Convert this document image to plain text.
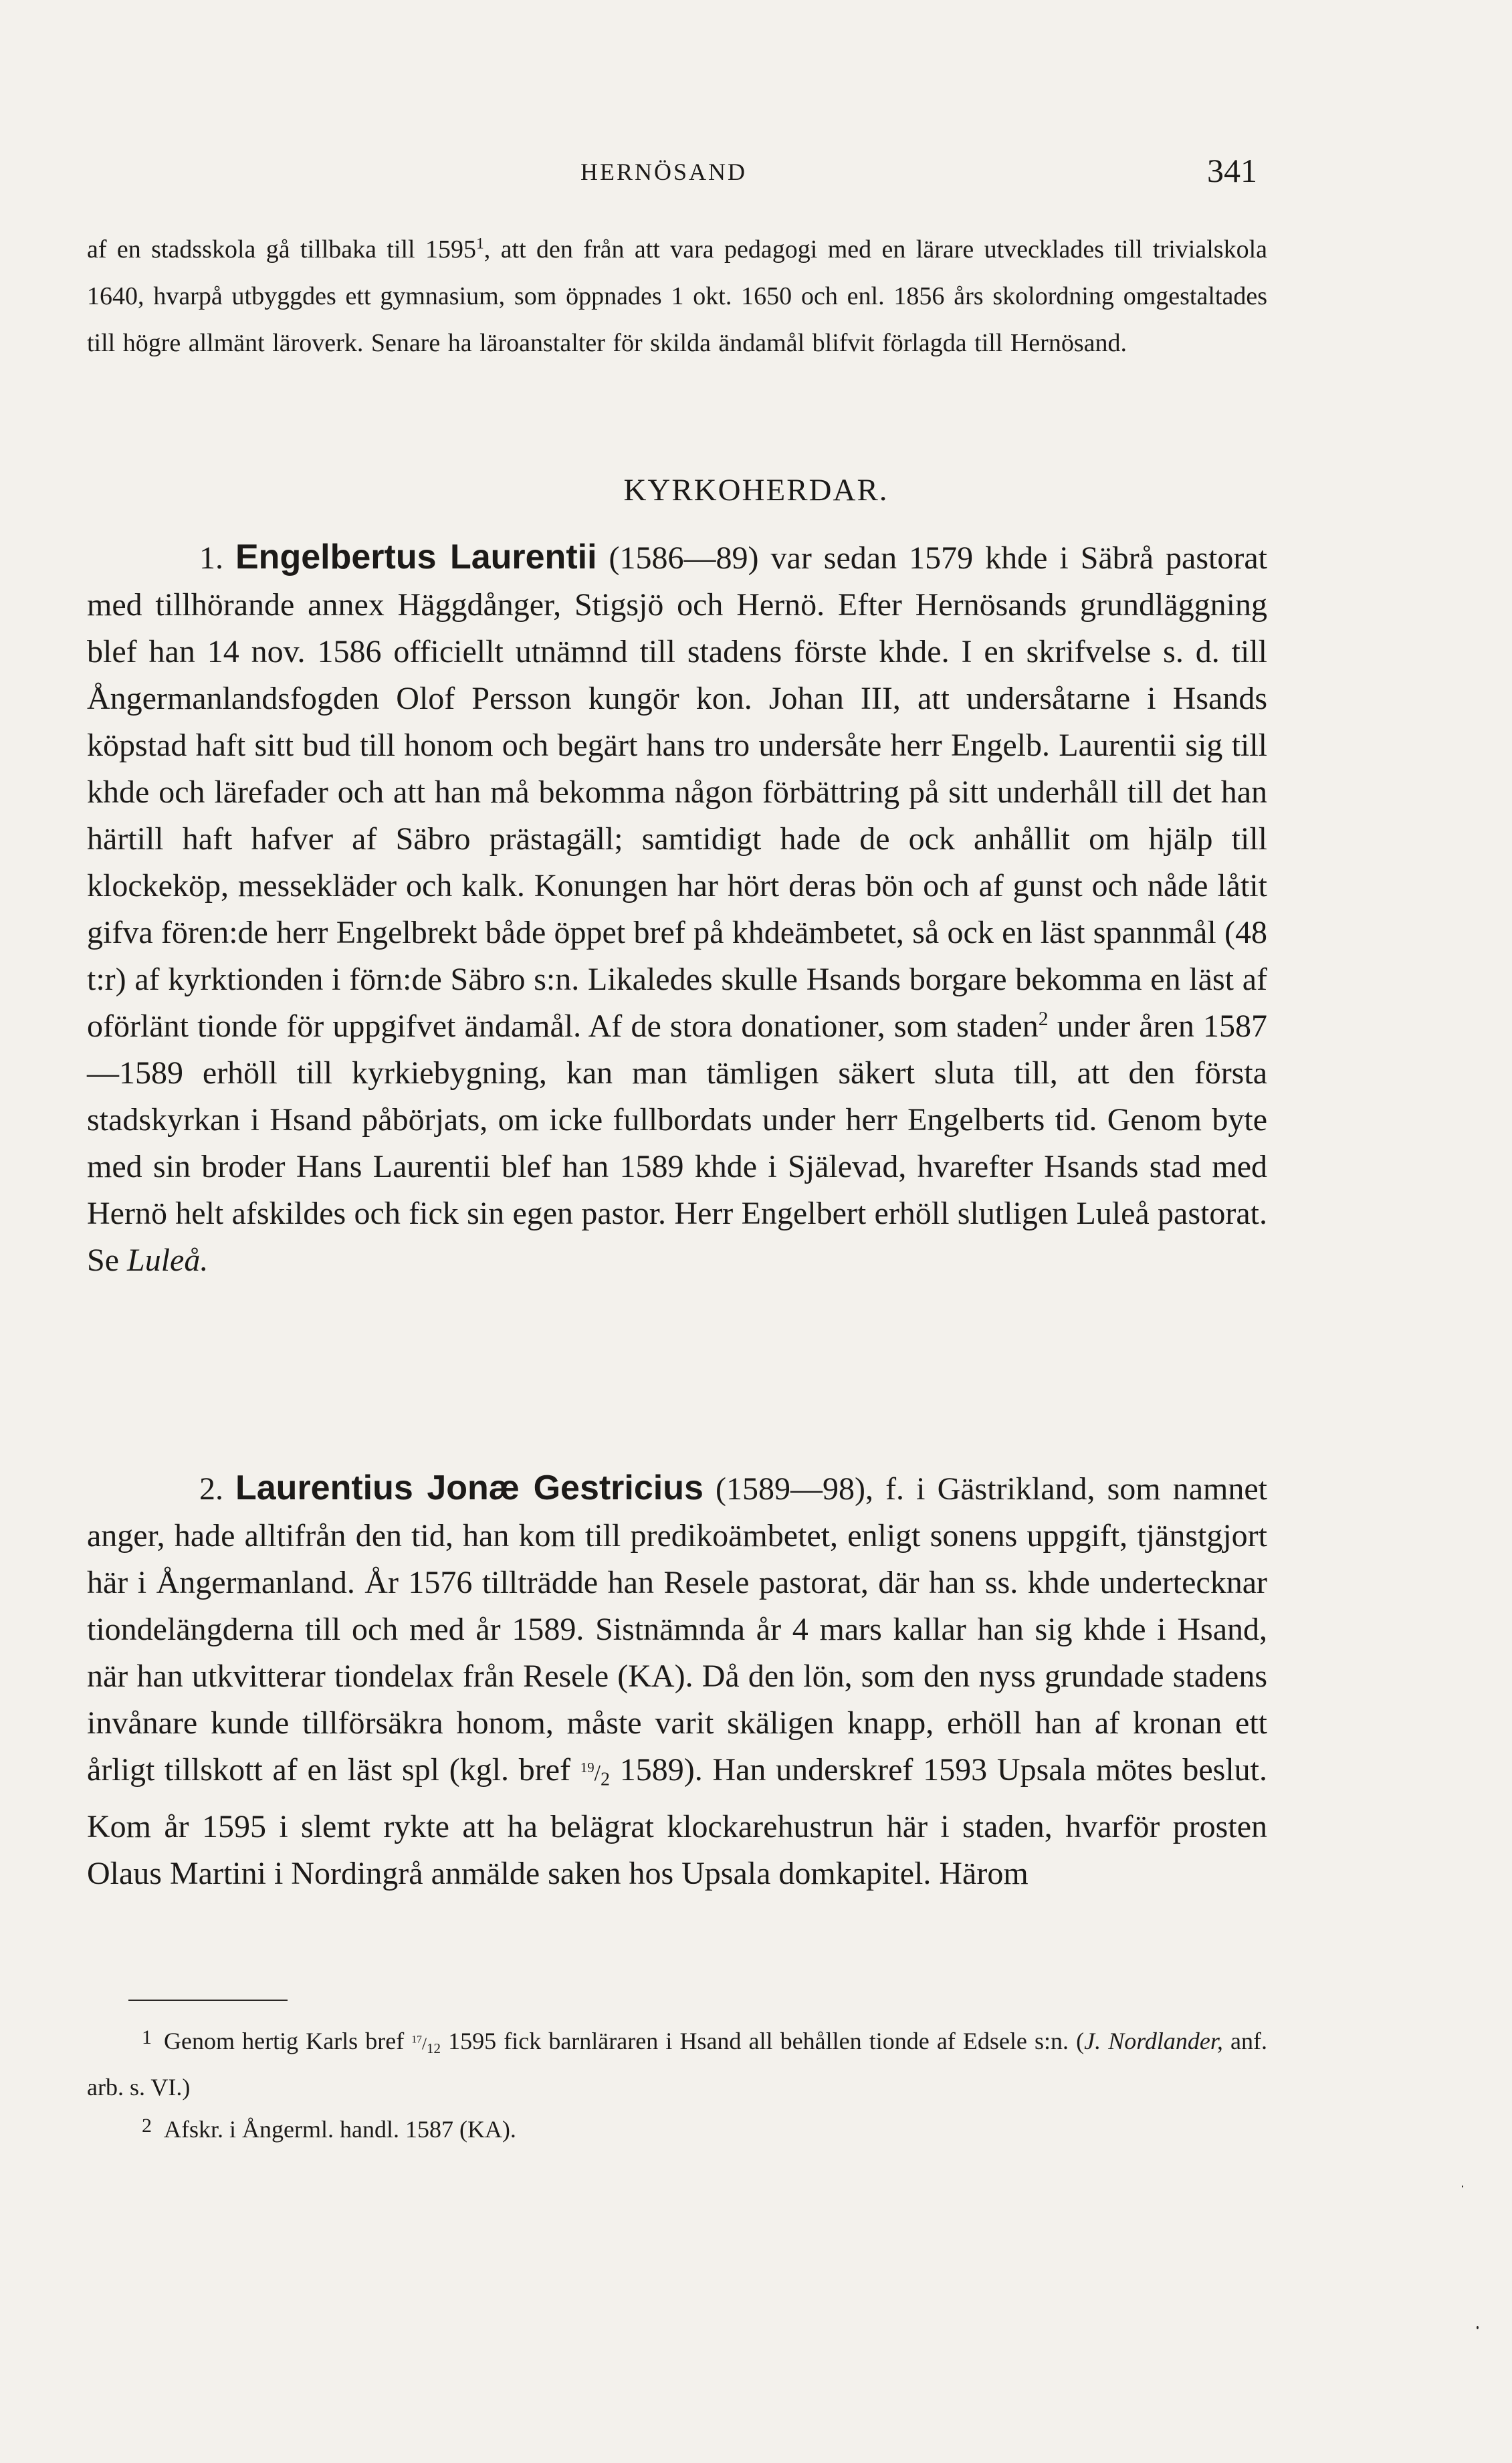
HERNÖSAND	341

af en stadsskola gå tillbaka till 1595$^1$, att den från att vara pedagogi med en lärare utvecklades till trivialskola 1640, hvarpå utbyggdes ett gymnasium, som öppnades 1 okt. 1650 och enl. 1856 års skolordning omgestaltades till högre allmänt läroverk. Senare ha läroanstalter för skilda ändamål blifvit förlagda till Hernösand.

KYRKOHERDAR.

1. Engelbertus Laurentii (1586—89) var sedan 1579 khde i Säbrå pastorat med tillhörande annex Häggdånger, Stigsjö och Hernö. Efter Hernösands grundläggning blef han 14 nov. 1586 officiellt utnämnd till stadens förste khde. I en skrifvelse s. d. till Ångermanlandsfogden Olof Persson kungör kon. Johan III, att undersåtarne i Hsands köpstad haft sitt bud till honom och begärt hans tro undersåte herr Engelb. Laurentii sig till khde och lärefader och att han må bekomma någon förbättring på sitt underhåll till det han härtill haft hafver af Säbro prästagäll; samtidigt hade de ock anhållit om hjälp till klockeköp, messekläder och kalk. Konungen har hört deras bön och af gunst och nåde låtit gifva fören:de herr Engelbrekt både öppet bref på khdeämbetet, så ock en läst spannmål (48 t:r) af kyrktionden i förn:de Säbro s:n. Likaledes skulle Hsands borgare bekomma en läst af oförlänt tionde för uppgifvet ändamål. Af de stora donationer, som staden$^2$ under åren 1587—1589 erhöll till kyrkiebygning, kan man tämligen säkert sluta till, att den första stadskyrkan i Hsand påbörjats, om icke fullbordats under herr Engelberts tid. Genom byte med sin broder Hans Laurentii blef han 1589 khde i Själevad, hvarefter Hsands stad med Hernö helt afskildes och fick sin egen pastor. Herr Engelbert erhöll slutligen Luleå pastorat. Se Luleå.

2. Laurentius Jonæ Gestricius (1589—98), f. i Gästrikland, som namnet anger, hade alltifrån den tid, han kom till predikoämbetet, enligt sonens uppgift, tjänstgjort här i Ångermanland. År 1576 tillträdde han Resele pastorat, där han ss. khde undertecknar tiondelängderna till och med år 1589. Sistnämnda år 4 mars kallar han sig khde i Hsand, när han utkvitterar tiondelax från Resele (KA). Då den lön, som den nyss grundade stadens invånare kunde tillförsäkra honom, måste varit skäligen knapp, erhöll han af kronan ett årligt tillskott af en läst spl (kgl. bref $^{19}/_2$ 1589). Han underskref 1593 Upsala mötes beslut. Kom år 1595 i slemt rykte att ha belägrat klockarehustrun här i staden, hvarför prosten Olaus Martini i Nordingrå anmälde saken hos Upsala domkapitel. Härom

$^1$ Genom hertig Karls bref $^{17}/_{12}$ 1595 fick barnläraren i Hsand all behållen tionde af Edsele s:n. (J. Nordlander, anf. arb. s. VI.)

$^2$ Afskr. i Ångerml. handl. 1587 (KA).
